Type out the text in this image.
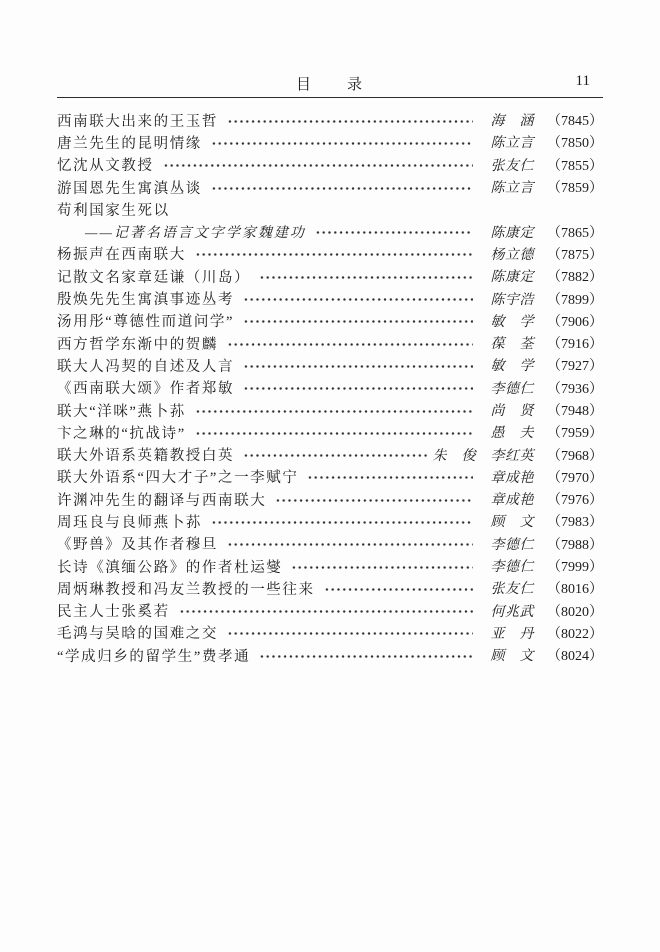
目　　录	11
西南联大出来的王玉哲	海　涵 （7845）
唐兰先生的昆明情缘	陈立言 （7850）
忆沈从文教授	张友仁 （7855）
游国恩先生寓滇丛谈	陈立言 （7859）
苟利国家生死以
——记著名语言文字学家魏建功	陈康定 （7865）
杨振声在西南联大	杨立德 （7875）
记散文名家章廷谦（川岛）	陈康定 （7882）
殷焕先先生寓滇事迹丛考	陈宇浩 （7899）
汤用彤“尊德性而道问学”	敏　学 （7906）
西方哲学东渐中的贺麟	葆　荃 （7916）
联大人冯契的自述及人言	敏　学 （7927）
《西南联大颂》作者郑敏	李德仁 （7936）
联大“洋咪”燕卜荪	尚　贤 （7948）
卞之琳的“抗战诗”	愚　夫 （7959）
联大外语系英籍教授白英	朱　俊　李红英 （7968）
联大外语系“四大才子”之一李赋宁	章成艳 （7970）
许渊冲先生的翻译与西南联大	章成艳 （7976）
周珏良与良师燕卜荪	顾　文 （7983）
《野兽》及其作者穆旦	李德仁 （7988）
长诗《滇缅公路》的作者杜运燮	李德仁 （7999）
周炳琳教授和冯友兰教授的一些往来	张友仁 （8016）
民主人士张奚若	何兆武 （8020）
毛鸿与吴晗的国难之交	亚　丹 （8022）
“学成归乡的留学生”费孝通	顾　文 （8024）
